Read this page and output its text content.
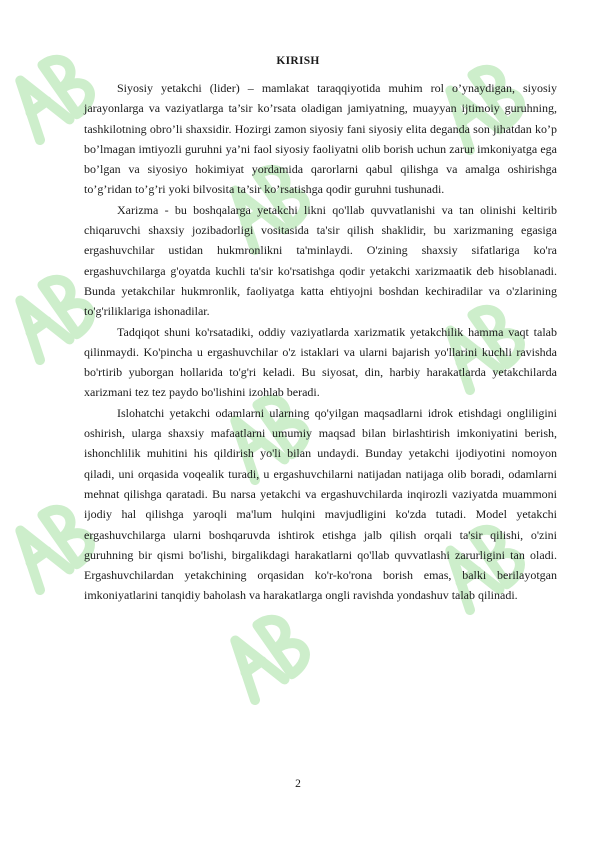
KIRISH

Siyosiy yetakchi (lider) – mamlakat taraqqiyotida muhim rol o’ynaydigan, siyosiy jarayonlarga va vaziyatlarga ta’sir ko’rsata oladigan jamiyatning, muayyan ijtimoiy guruhning, tashkilotning obro’li shaxsidir. Hozirgi zamon siyosiy fani siyosiy elita deganda son jihatdan ko’p bo’lmagan imtiyozli guruhni ya’ni faol siyosiy faoliyatni olib borish uchun zarur imkoniyatga ega bo’lgan va siyosiyo hokimiyat yordamida qarorlarni qabul qilishga va amalga oshirishga to’g’ridan to’g’ri yoki bilvosita ta’sir ko’rsatishga qodir guruhni tushunadi.

Xarizma - bu boshqalarga yetakchi likni qo'llab quvvatlanishi va tan olinishi keltirib chiqaruvchi shaxsiy jozibadorligi vositasida ta'sir qilish shaklidir, bu xarizmaning egasiga ergashuvchilar ustidan hukmronlikni ta'minlaydi. O'zining shaxsiy sifatlariga ko'ra ergashuvchilarga g'oyatda kuchli ta'sir ko'rsatishga qodir yetakchi xarizmaatik deb hisoblanadi. Bunda yetakchilar hukmronlik, faoliyatga katta ehtiyojni boshdan kechiradilar va o'zlarining to'g'riliklariga ishonadilar.

Tadqiqot shuni ko'rsatadiki, oddiy vaziyatlarda xarizmatik yetakchilik hamma vaqt talab qilinmaydi. Ko'pincha u ergashuvchilar o'z istaklari va ularni bajarish yo'llarini kuchli ravishda bo'rtirib yuborgan hollarida to'g'ri keladi. Bu siyosat, din, harbiy harakatlarda yetakchilarda xarizmani tez tez paydo bo'lishini izohlab beradi.

Islohatchi yetakchi odamlarni ularning qo'yilgan maqsadlarni idrok etishdagi ongliligini oshirish, ularga shaxsiy mafaatlarni umumiy maqsad bilan birlashtirish imkoniyatini berish, ishonchlilik muhitini his qildirish yo'li bilan undaydi. Bunday yetakchi ijodiyotini nomoyon qiladi, uni orqasida voqealik turadi, u ergashuvchilarni natijadan natijaga olib boradi, odamlarni mehnat qilishga qaratadi. Bu narsa yetakchi va ergashuvchilarda inqirozli vaziyatda muammoni ijodiy hal qilishga yaroqli ma'lum hulqini mavjudligini ko'zda tutadi. Model yetakchi ergashuvchilarga ularni boshqaruvda ishtirok etishga jalb qilish orqali ta'sir qilishi, o'zini guruhning bir qismi bo'lishi, birgalikdagi harakatlarni qo'llab quvvatlashi zarurligini tan oladi. Ergashuvchilardan yetakchining orqasidan ko'r-ko'rona borish emas, balki berilayotgan imkoniyatlarini tanqidiy baholash va harakatlarga ongli ravishda yondashuv talab qilinadi.

2
